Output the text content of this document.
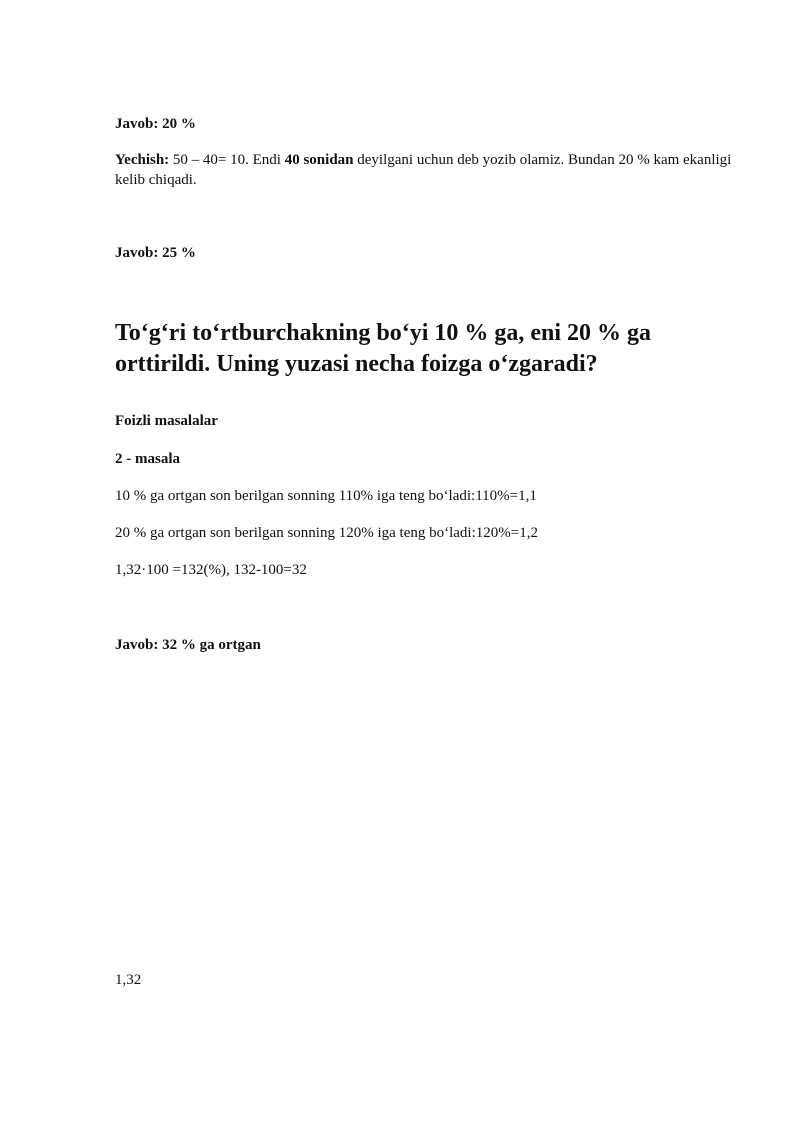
Javob: 20 %
Yechish: 50 – 40= 10. Endi 40 sonidan deyilgani uchun deb yozib olamiz. Bundan 20 % kam ekanligi kelib chiqadi.
Javob: 25 %
To‘g‘ri to‘rtburchakning bo‘yi 10 % ga, eni 20 % ga orttirildi. Uning yuzasi necha foizga o‘zgaradi?
Foizli masalalar
2 - masala
10 % ga ortgan son berilgan sonning 110% iga teng bo‘ladi:110%=1,1
20 % ga ortgan son berilgan sonning 120% iga teng bo‘ladi:120%=1,2
1,32·100 =132(%), 132-100=32
Javob: 32 % ga ortgan
1,32
